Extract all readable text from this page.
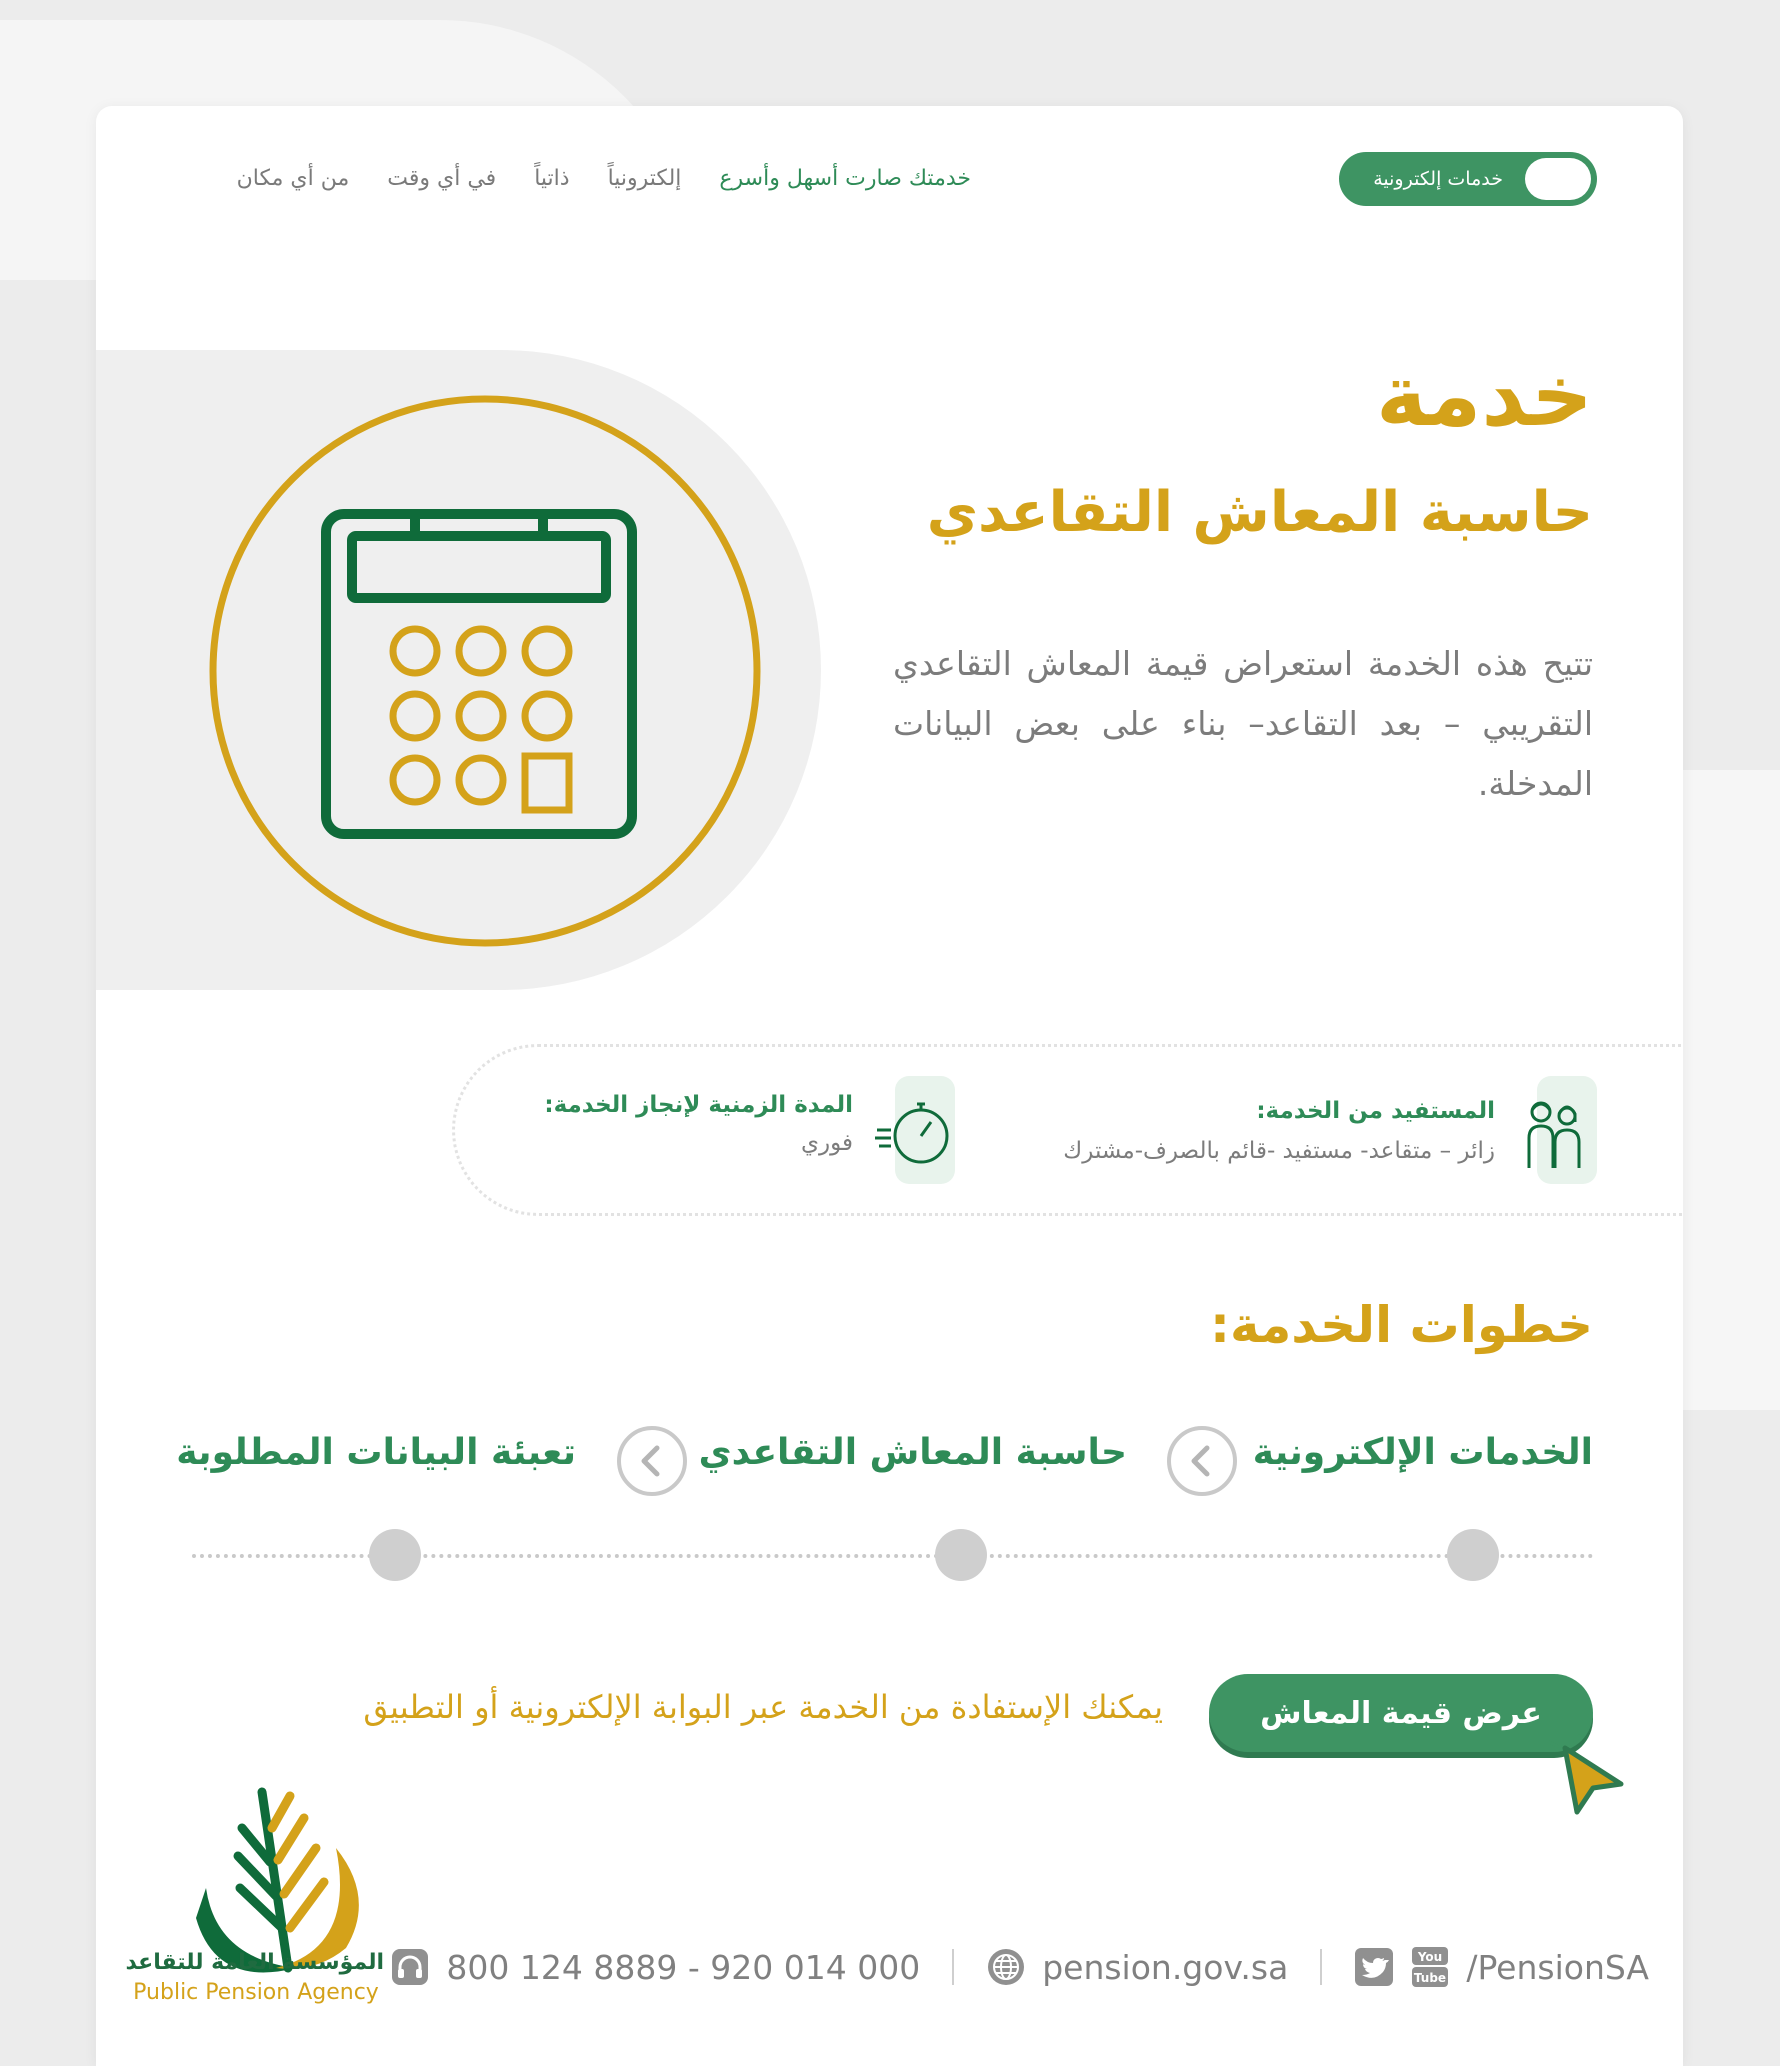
خدمات إلكترونية
خدمتك صارت أسهل وأسرع
إلكترونياً
ذاتياً
في أي وقت
من أي مكان
خدمة
حاسبة المعاش التقاعدي
تتيح هذه الخدمة استعراض قيمة المعاش التقاعدي التقريبي – بعد التقاعد– بناء على بعض البيانات المدخلة.
المستفيد من الخدمة:
زائر – متقاعد- مستفيد -قائم بالصرف-مشترك
المدة الزمنية لإنجاز الخدمة:
فوري
خطوات الخدمة:
الخدمات الإلكترونية
حاسبة المعاش التقاعدي
تعبئة البيانات المطلوبة
عرض قيمة المعاش
يمكنك الإستفادة من الخدمة عبر البوابة الإلكترونية أو التطبيق
المؤسسة العامة للتقاعد
Public Pension Agency
800 124 8889 - 920 014 000	pension.gov.sa	You
Tube /PensionSA
